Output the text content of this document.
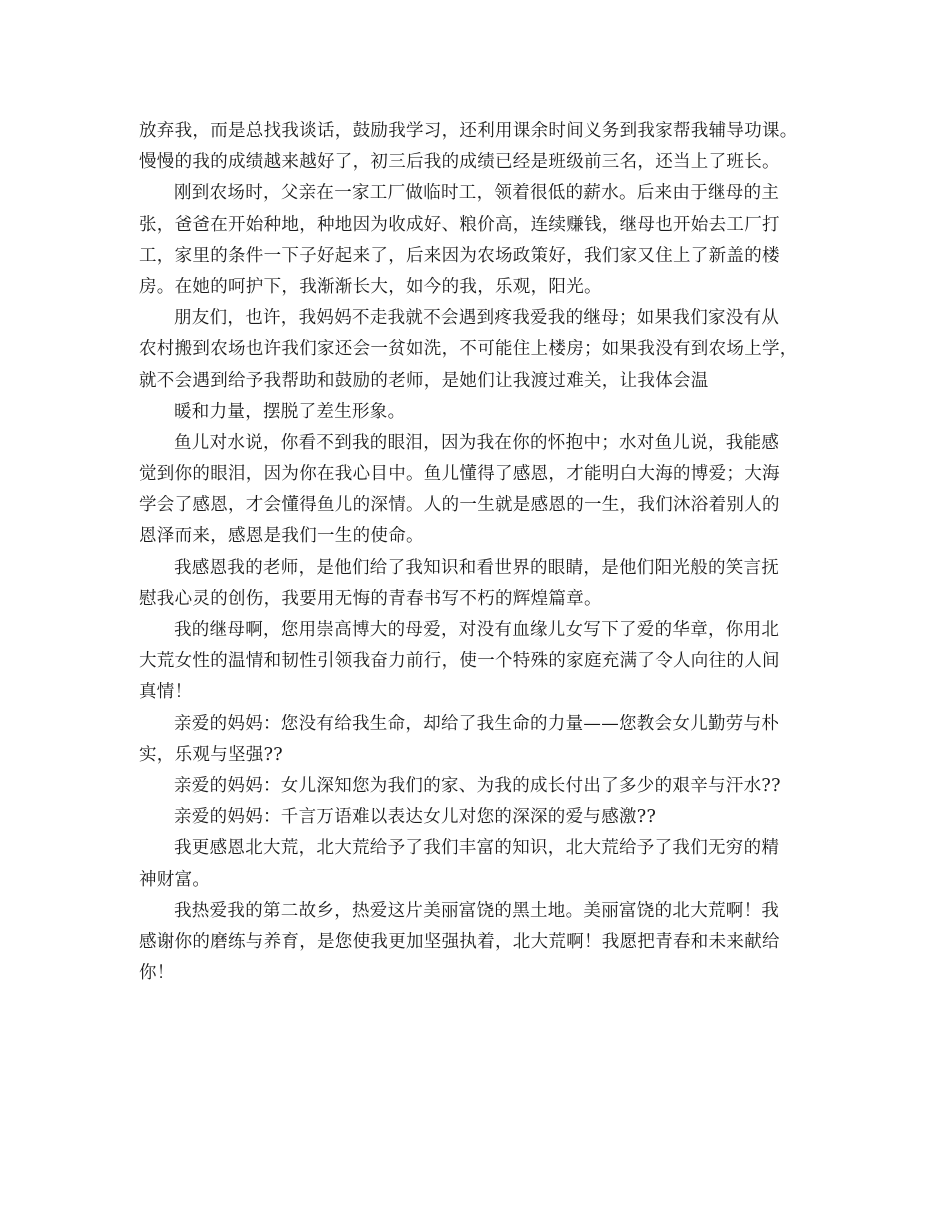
放弃我，而是总找我谈话，鼓励我学习，还利用课余时间义务到我家帮我辅导功课。
慢慢的我的成绩越来越好了，初三后我的成绩已经是班级前三名，还当上了班长。
刚到农场时，父亲在一家工厂做临时工，领着很低的薪水。后来由于继母的主
张，爸爸在开始种地，种地因为收成好、粮价高，连续赚钱，继母也开始去工厂打
工，家里的条件一下子好起来了，后来因为农场政策好，我们家又住上了新盖的楼
房。在她的呵护下，我渐渐长大，如今的我，乐观，阳光。
朋友们，也许，我妈妈不走我就不会遇到疼我爱我的继母；如果我们家没有从
农村搬到农场也许我们家还会一贫如洗，不可能住上楼房；如果我没有到农场上学，
就不会遇到给予我帮助和鼓励的老师，是她们让我渡过难关，让我体会温
暖和力量，摆脱了差生形象。
鱼儿对水说，你看不到我的眼泪，因为我在你的怀抱中；水对鱼儿说，我能感
觉到你的眼泪，因为你在我心目中。鱼儿懂得了感恩，才能明白大海的博爱；大海
学会了感恩，才会懂得鱼儿的深情。人的一生就是感恩的一生，我们沐浴着别人的
恩泽而来，感恩是我们一生的使命。
我感恩我的老师，是他们给了我知识和看世界的眼睛，是他们阳光般的笑言抚
慰我心灵的创伤，我要用无悔的青春书写不朽的辉煌篇章。
我的继母啊，您用崇高博大的母爱，对没有血缘儿女写下了爱的华章，你用北
大荒女性的温情和韧性引领我奋力前行，使一个特殊的家庭充满了令人向往的人间
真情！
亲爱的妈妈：您没有给我生命，却给了我生命的力量——您教会女儿勤劳与朴
实，乐观与坚强??
亲爱的妈妈：女儿深知您为我们的家、为我的成长付出了多少的艰辛与汗水??
亲爱的妈妈：千言万语难以表达女儿对您的深深的爱与感激??
我更感恩北大荒，北大荒给予了我们丰富的知识，北大荒给予了我们无穷的精
神财富。
我热爱我的第二故乡，热爱这片美丽富饶的黑土地。美丽富饶的北大荒啊！我
感谢你的磨练与养育，是您使我更加坚强执着，北大荒啊！我愿把青春和未来献给
你！
